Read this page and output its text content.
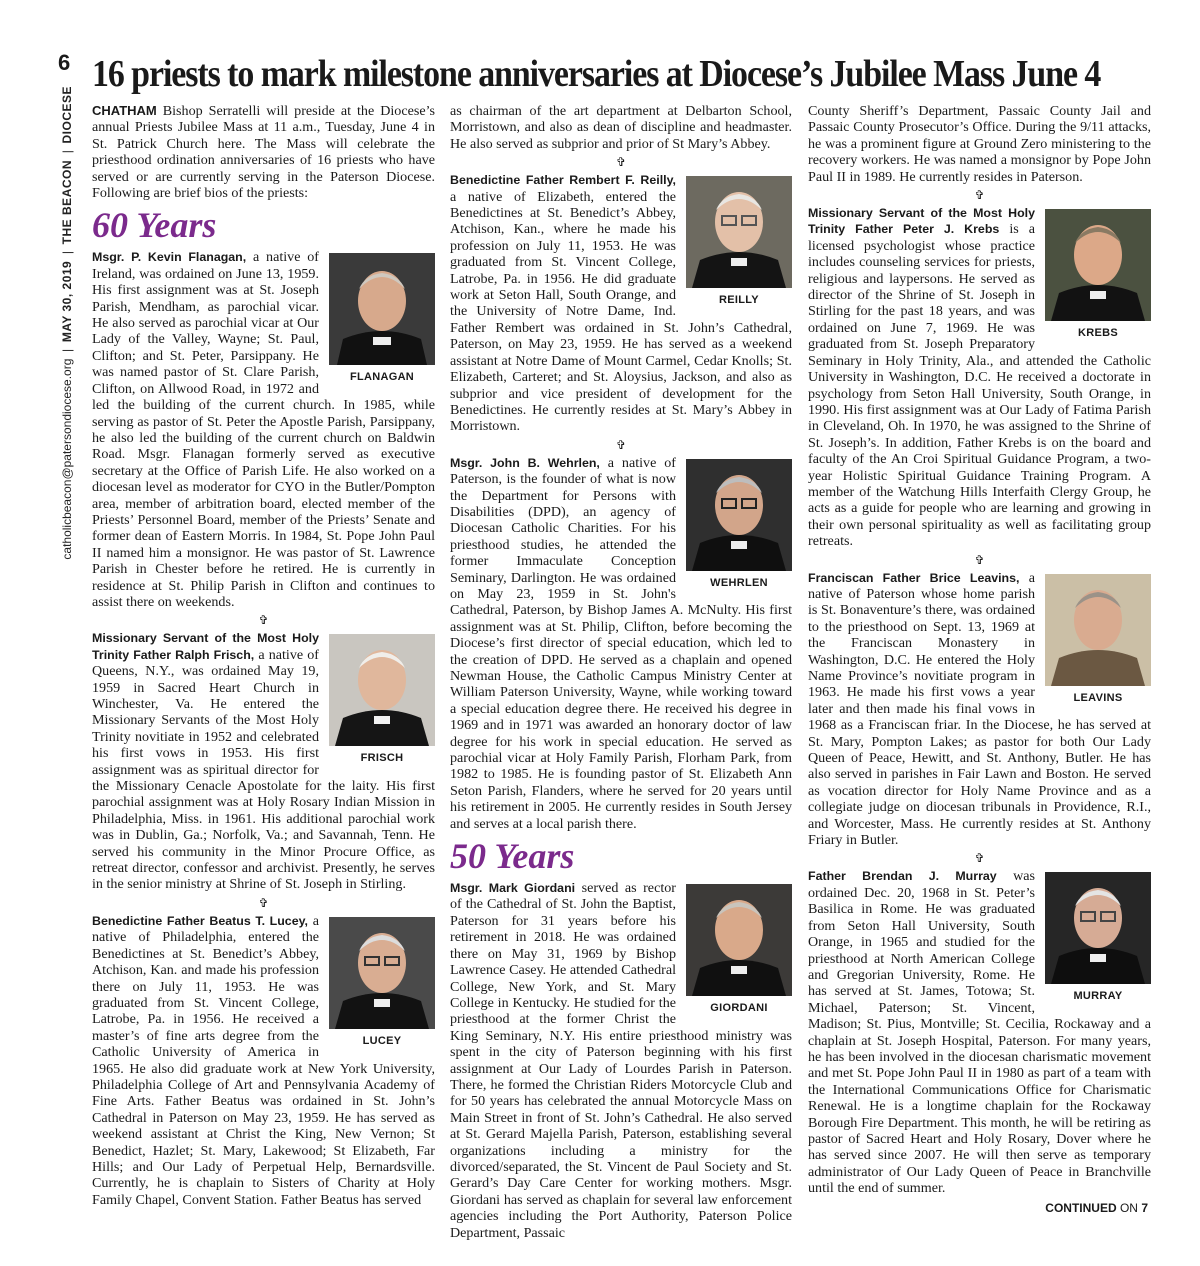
6
catholicbeacon@patersondiocese.org  |  MAY 30, 2019  |  THE BEACON  |  DIOCESE
16 priests to mark milestone anniversaries at Diocese’s Jubilee Mass June 4

CHATHAM Bishop Serratelli will preside at the Diocese’s annual Priests Jubilee Mass at 11 a.m., Tuesday, June 4 in St. Patrick Church here. The Mass will celebrate the priesthood ordination anniversaries of 16 priests who have served or are currently serving in the Paterson Diocese. Following are brief bios of the priests:

60 Years

FLANAGAN
Msgr. P. Kevin Flanagan, a native of Ireland, was ordained on June 13, 1959. His first assignment was at St. Joseph Parish, Mendham, as parochial vicar. He also served as parochial vicar at Our Lady of the Valley, Wayne; St. Paul, Clifton; and St. Peter, Parsippany. He was named pastor of St. Clare Parish, Clifton, on Allwood Road, in 1972 and led the building of the current church. In 1985, while serving as pastor of St. Peter the Apostle Parish, Parsippany, he also led the building of the current church on Baldwin Road. Msgr. Flanagan formerly served as executive secretary at the Office of Parish Life. He also worked on a diocesan level as moderator for CYO in the Butler/Pompton area, member of arbitration board, elected member of the Priests’ Personnel Board, member of the Priests’ Senate and former dean of Eastern Morris. In 1984, St. Pope John Paul II named him a monsignor. He was pastor of St. Lawrence Parish in Chester before he retired. He is currently in residence at St. Philip Parish in Clifton and continues to assist there on weekends.

✞

FRISCH
Missionary Servant of the Most Holy Trinity Father Ralph Frisch, a native of Queens, N.Y., was ordained May 19, 1959 in Sacred Heart Church in Winchester, Va. He entered the Missionary Servants of the Most Holy Trinity novitiate in 1952 and celebrated his first vows in 1953. His first assignment was as spiritual director for the Missionary Cenacle Apostolate for the laity. His first parochial assignment was at Holy Rosary Indian Mission in Philadelphia, Miss. in 1961. His additional parochial work was in Dublin, Ga.; Norfolk, Va.; and Savannah, Tenn. He served his community in the Minor Procure Office, as retreat director, confessor and archivist. Presently, he serves in the senior ministry at Shrine of St. Joseph in Stirling.

✞

LUCEY
Benedictine Father Beatus T. Lucey, a native of Philadelphia, entered the Benedictines at St. Benedict’s Abbey, Atchison, Kan. and made his profession there on July 11, 1953. He was graduated from St. Vincent College, Latrobe, Pa. in 1956. He received a master’s of fine arts degree from the Catholic University of America in 1965. He also did graduate work at New York University, Philadelphia College of Art and Pennsylvania Academy of Fine Arts. Father Beatus was ordained in St. John’s Cathedral in Paterson on May 23, 1959. He has served as weekend assistant at Christ the King, New Vernon; St Benedict, Hazlet; St. Mary, Lakewood; St Elizabeth, Far Hills; and Our Lady of Perpetual Help, Bernardsville. Currently, he is chaplain to Sisters of Charity at Holy Family Chapel, Convent Station. Father Beatus has served

as chairman of the art department at Delbarton School, Morristown, and also as dean of discipline and headmaster. He also served as subprior and prior of St Mary’s Abbey.

✞

REILLY
Benedictine Father Rembert F. Reilly, a native of Elizabeth, entered the Benedictines at St. Benedict’s Abbey, Atchison, Kan., where he made his profession on July 11, 1953. He was graduated from St. Vincent College, Latrobe, Pa. in 1956. He did graduate work at Seton Hall, South Orange, and the University of Notre Dame, Ind. Father Rembert was ordained in St. John’s Cathedral, Paterson, on May 23, 1959. He has served as a weekend assistant at Notre Dame of Mount Carmel, Cedar Knolls; St. Elizabeth, Carteret; and St. Aloysius, Jackson, and also as subprior and vice president of development for the Benedictines. He currently resides at St. Mary’s Abbey in Morristown.

✞

WEHRLEN
Msgr. John B. Wehrlen, a native of Paterson, is the founder of what is now the Department for Persons with Disabilities (DPD), an agency of Diocesan Catholic Charities. For his priesthood studies, he attended the former Immaculate Conception Seminary, Darlington. He was ordained on May 23, 1959 in St. John's Cathedral, Paterson, by Bishop James A. McNulty. His first assignment was at St. Philip, Clifton, before becoming the Diocese’s first director of special education, which led to the creation of DPD. He served as a chaplain and opened Newman House, the Catholic Campus Ministry Center at William Paterson University, Wayne, while working toward a special education degree there. He received his degree in 1969 and in 1971 was awarded an honorary doctor of law degree for his work in special education. He served as parochial vicar at Holy Family Parish, Florham Park, from 1982 to 1985. He is founding pastor of St. Elizabeth Ann Seton Parish, Flanders, where he served for 20 years until his retirement in 2005. He currently resides in South Jersey and serves at a local parish there.

50 Years

GIORDANI
Msgr. Mark Giordani served as rector of the Cathedral of St. John the Baptist, Paterson for 31 years before his retirement in 2018. He was ordained there on May 31, 1969 by Bishop Lawrence Casey. He attended Cathedral College, New York, and St. Mary College in Kentucky. He studied for the priesthood at the former Christ the King Seminary, N.Y. His entire priesthood ministry was spent in the city of Paterson beginning with his first assignment at Our Lady of Lourdes Parish in Paterson. There, he formed the Christian Riders Motorcycle Club and for 50 years has celebrated the annual Motorcycle Mass on Main Street in front of St. John’s Cathedral. He also served at St. Gerard Majella Parish, Paterson, establishing several organizations including a ministry for the divorced/separated, the St. Vincent de Paul Society and St. Gerard’s Day Care Center for working mothers. Msgr. Giordani has served as chaplain for several law enforcement agencies including the Port Authority, Paterson Police Department, Passaic

County Sheriff’s Department, Passaic County Jail and Passaic County Prosecutor’s Office. During the 9/11 attacks, he was a prominent figure at Ground Zero ministering to the recovery workers. He was named a monsignor by Pope John Paul II in 1989. He currently resides in Paterson.

✞

KREBS
Missionary Servant of the Most Holy Trinity Father Peter J. Krebs is a licensed psychologist whose practice includes counseling services for priests, religious and laypersons. He served as director of the Shrine of St. Joseph in Stirling for the past 18 years, and was ordained on June 7, 1969. He was graduated from St. Joseph Preparatory Seminary in Holy Trinity, Ala., and attended the Catholic University in Washington, D.C. He received a doctorate in psychology from Seton Hall University, South Orange, in 1990. His first assignment was at Our Lady of Fatima Parish in Cleveland, Oh. In 1970, he was assigned to the Shrine of St. Joseph’s. In addition, Father Krebs is on the board and faculty of the An Croi Spiritual Guidance Program, a two-year Holistic Spiritual Guidance Training Program. A member of the Watchung Hills Interfaith Clergy Group, he acts as a guide for people who are learning and growing in their own personal spirituality as well as facilitating group retreats.

✞

LEAVINS
Franciscan Father Brice Leavins, a native of Paterson whose home parish is St. Bonaventure’s there, was ordained to the priesthood on Sept. 13, 1969 at the Franciscan Monastery in Washington, D.C. He entered the Holy Name Province’s novitiate program in 1963. He made his first vows a year later and then made his final vows in 1968 as a Franciscan friar. In the Diocese, he has served at St. Mary, Pompton Lakes; as pastor for both Our Lady Queen of Peace, Hewitt, and St. Anthony, Butler. He has also served in parishes in Fair Lawn and Boston. He served as vocation director for Holy Name Province and as a collegiate judge on diocesan tribunals in Providence, R.I., and Worcester, Mass. He currently resides at St. Anthony Friary in Butler.

✞

MURRAY
Father Brendan J. Murray was ordained Dec. 20, 1968 in St. Peter’s Basilica in Rome. He was graduated from Seton Hall University, South Orange, in 1965 and studied for the priesthood at North American College and Gregorian University, Rome. He has served at St. James, Totowa; St. Michael, Paterson; St. Vincent, Madison; St. Pius, Montville; St. Cecilia, Rockaway and a chaplain at St. Joseph Hospital, Paterson. For many years, he has been involved in the diocesan charismatic movement and met St. Pope John Paul II in 1980 as part of a team with the International Communications Office for Charismatic Renewal. He is a longtime chaplain for the Rockaway Borough Fire Department. This month, he will be retiring as pastor of Sacred Heart and Holy Rosary, Dover where he has served since 2007. He will then serve as temporary administrator of Our Lady Queen of Peace in Branchville until the end of summer.

CONTINUED ON 7
